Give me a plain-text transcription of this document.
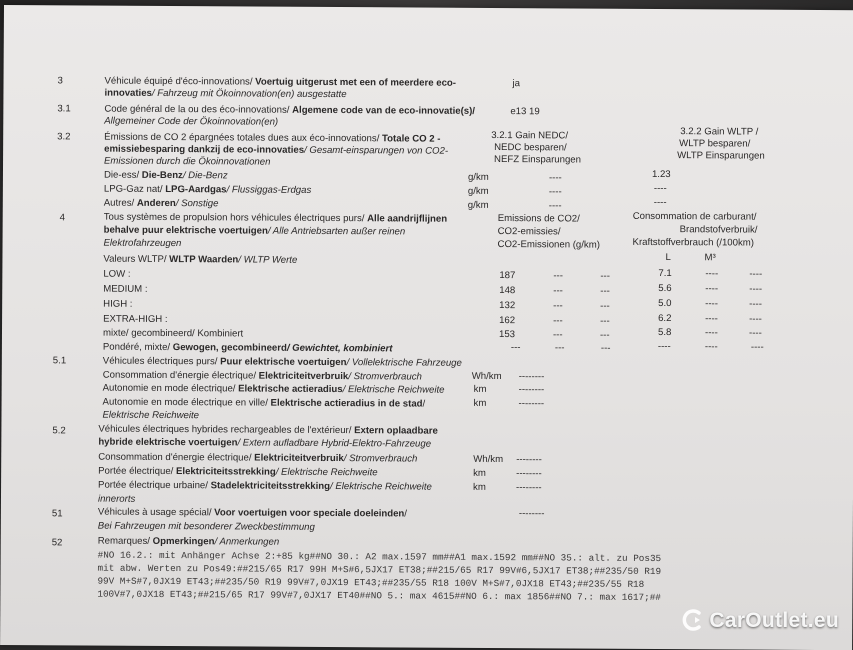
3	Véhicule équipé d'éco-innovations/ Voertuig uitgerust met een of meerdere eco-
innovaties/ Fahrzeug mit Ökoinnovation(en) ausgestatte
ja
3.1	Code général de la ou des éco-innovations/ Algemene code van de eco-innovatie(s)/
Allgemeiner Code der Ökoinnovation(en)
e13 19
3.2	Émissions de CO 2 épargnées totales dues aux éco-innovations/ Totale CO 2 -
emissiebesparing dankzij de eco-innovaties/ Gesamt-einsparungen von CO2-
Emissionen durch die Ökoinnovationen
3.2.1 Gain NEDC/
NEDC besparen/
NEFZ Einsparungen
3.2.2 Gain WLTP /
WLTP besparen/
WLTP Einsparungen
Die-ess/ Die-Benz/ Die-Benz	g/km	----	1.23
LPG-Gaz nat/ LPG-Aardgas/ Flussiggas-Erdgas	g/km	----	----
Autres/ Anderen/ Sonstige	g/km	----	----
4	Tous systèmes de propulsion hors véhicules électriques purs/ Alle aandrijflijnen
behalve puur elektrische voertuigen/ Alle Antriebsarten außer reinen
Elektrofahrzeugen
Emissions de CO2/
CO2-emissies/
CO2-Emissionen (g/km)
Consommation de carburant/
Brandstofverbruik/
Kraftstoffverbrauch (/100km)
L	M³
Valeurs WLTP/ WLTP Waarden/ WLTP Werte
LOW :	187	---	---	7.1	----	----
MEDIUM :	148	---	---	5.6	----	----
HIGH :	132	---	---	5.0	----	----
EXTRA-HIGH :	162	---	---	6.2	----	----
mixte/ gecombineerd/ Kombiniert	153	---	---	5.8	----	----
Pondéré, mixte/ Gewogen, gecombineerd/ Gewichtet, kombiniert	---	---	---	----	----	----
5.1	Véhicules électriques purs/ Puur elektrische voertuigen/ Vollelektrische Fahrzeuge
Consommation d'énergie électrique/ Elektriciteitverbruik/ Stromverbrauch	Wh/km --------
Autonomie en mode électrique/ Elektrische actieradius/ Elektrische Reichweite	km	--------
Autonomie en mode électrique en ville/ Elektrische actieradius in de stad/	km	--------
Elektrische Reichweite
5.2	Véhicules électriques hybrides rechargeables de l'extérieur/ Extern oplaadbare
hybride elektrische voertuigen/ Extern aufladbare Hybrid-Elektro-Fahrzeuge
Consommation d'énergie électrique/ Elektriciteitverbruik/ Stromverbrauch	Wh/km --------
Portée électrique/ Elektriciteitsstrekking/ Elektrische Reichweite	km	--------
Portée électrique urbaine/ Stadelektriciteitsstrekking/ Elektrische Reichweite	km	--------
innerorts
51	Véhicules à usage spécial/ Voor voertuigen voor speciale doeleinden/
Bei Fahrzeugen mit besonderer Zweckbestimmung
--------
52	Remarques/ Opmerkingen/ Anmerkungen
#NO 16.2.: mit Anhänger Achse 2:+85 kg##NO 30.: A2 max.1597 mm##A1 max.1592 mm##NO 35.: alt. zu Pos35
mit abw. Werten zu Pos49:##215/65 R17 99H M+S#6,5JX17 ET38;##215/65 R17 99V#6,5JX17 ET38;##235/50 R19
99V M+S#7,0JX19 ET43;##235/50 R19 99V#7,0JX19 ET43;##235/55 R18 100V M+S#7,0JX18 ET43;##235/55 R18
100V#7,0JX18 ET43;##215/65 R17 99V#7,0JX17 ET40##NO 5.: max 4615##NO 6.: max 1856##NO 7.: max 1617;##
CarOutlet.eu
